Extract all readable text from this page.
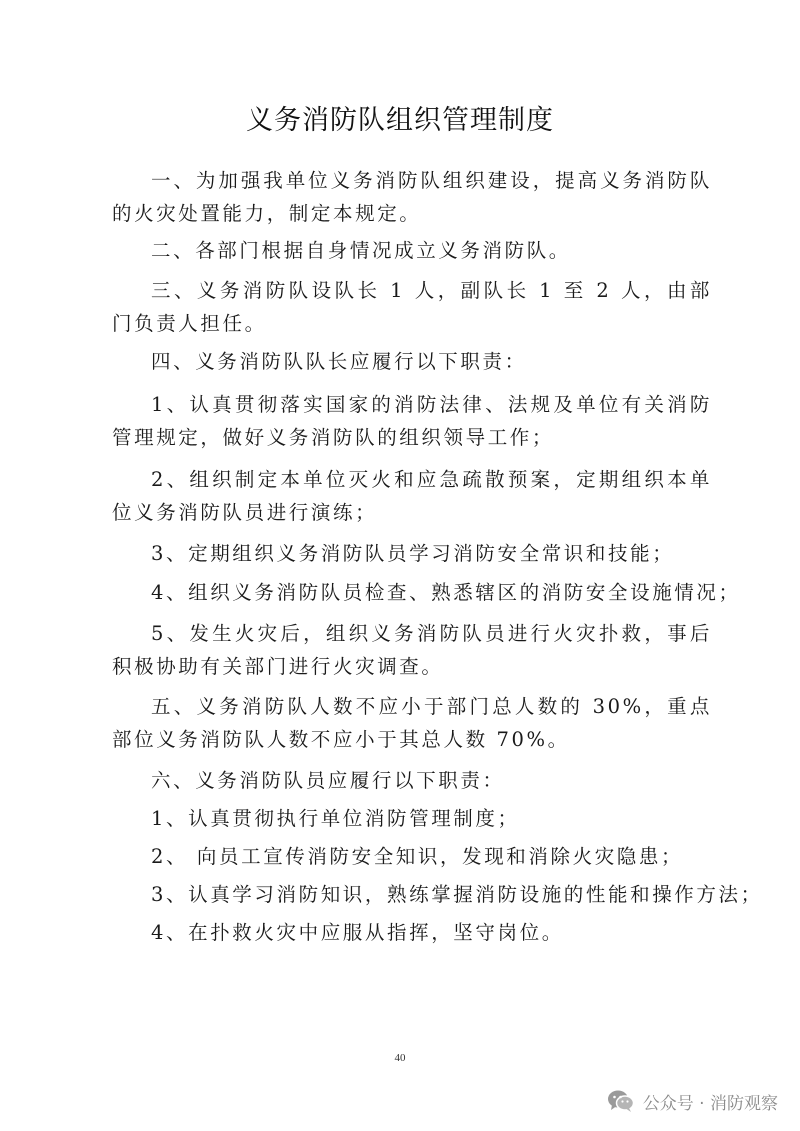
义务消防队组织管理制度

一、为加强我单位义务消防队组织建设，提高义务消防队的火灾处置能力，制定本规定。

二、各部门根据自身情况成立义务消防队。

三、义务消防队设队长 1 人，副队长 1 至 2 人，由部门负责人担任。

四、义务消防队队长应履行以下职责：

1、认真贯彻落实国家的消防法律、法规及单位有关消防管理规定，做好义务消防队的组织领导工作；

2、组织制定本单位灭火和应急疏散预案，定期组织本单位义务消防队员进行演练；

3、定期组织义务消防队员学习消防安全常识和技能；

4、组织义务消防队员检查、熟悉辖区的消防安全设施情况；

5、发生火灾后，组织义务消防队员进行火灾扑救，事后积极协助有关部门进行火灾调查。

五、义务消防队人数不应小于部门总人数的 30%，重点部位义务消防队人数不应小于其总人数 70%。

六、义务消防队员应履行以下职责：

1、认真贯彻执行单位消防管理制度；

2、 向员工宣传消防安全知识，发现和消除火灾隐患；

3、认真学习消防知识，熟练掌握消防设施的性能和操作方法；

4、在扑救火灾中应服从指挥，坚守岗位。

40
公众号 · 消防观察
